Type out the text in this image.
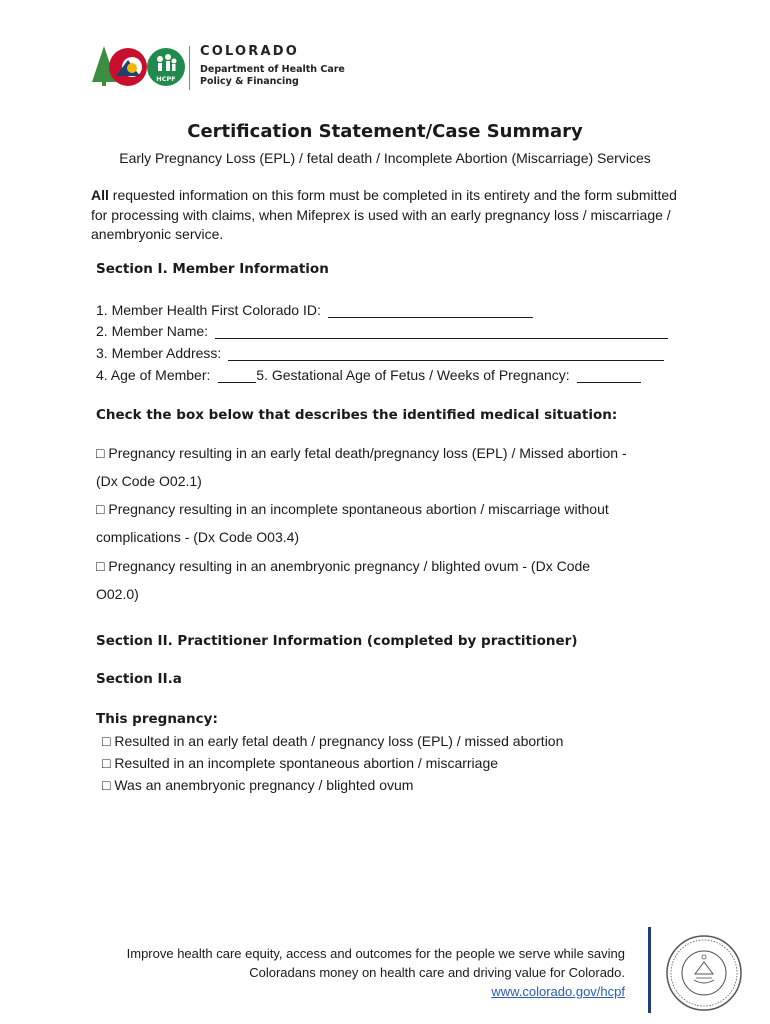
HCPF
COLORADO
Department of Health Care
Policy & Financing
Certification Statement/Case Summary
Early Pregnancy Loss (EPL) / fetal death / Incomplete Abortion (Miscarriage) Services
All requested information on this form must be completed in its entirety and the form submitted for processing with claims, when Mifeprex is used with an early pregnancy loss / miscarriage / anembryonic service.
Section I. Member Information
1. Member Health First Colorado ID:
2. Member Name:
3. Member Address:
4. Age of Member:	5. Gestational Age of Fetus / Weeks of Pregnancy:
Check the box below that describes the identified medical situation:
□ Pregnancy resulting in an early fetal death/pregnancy loss (EPL) / Missed abortion -
(Dx Code O02.1)
□ Pregnancy resulting in an incomplete spontaneous abortion / miscarriage without
complications - (Dx Code O03.4)
□ Pregnancy resulting in an anembryonic pregnancy / blighted ovum - (Dx Code
O02.0)
Section II. Practitioner Information (completed by practitioner)
Section II.a
This pregnancy:
□ Resulted in an early fetal death / pregnancy loss (EPL) / missed abortion
□ Resulted in an incomplete spontaneous abortion / miscarriage
□ Was an anembryonic pregnancy / blighted ovum
Improve health care equity, access and outcomes for the people we serve while saving
Coloradans money on health care and driving value for Colorado.
www.colorado.gov/hcpf
